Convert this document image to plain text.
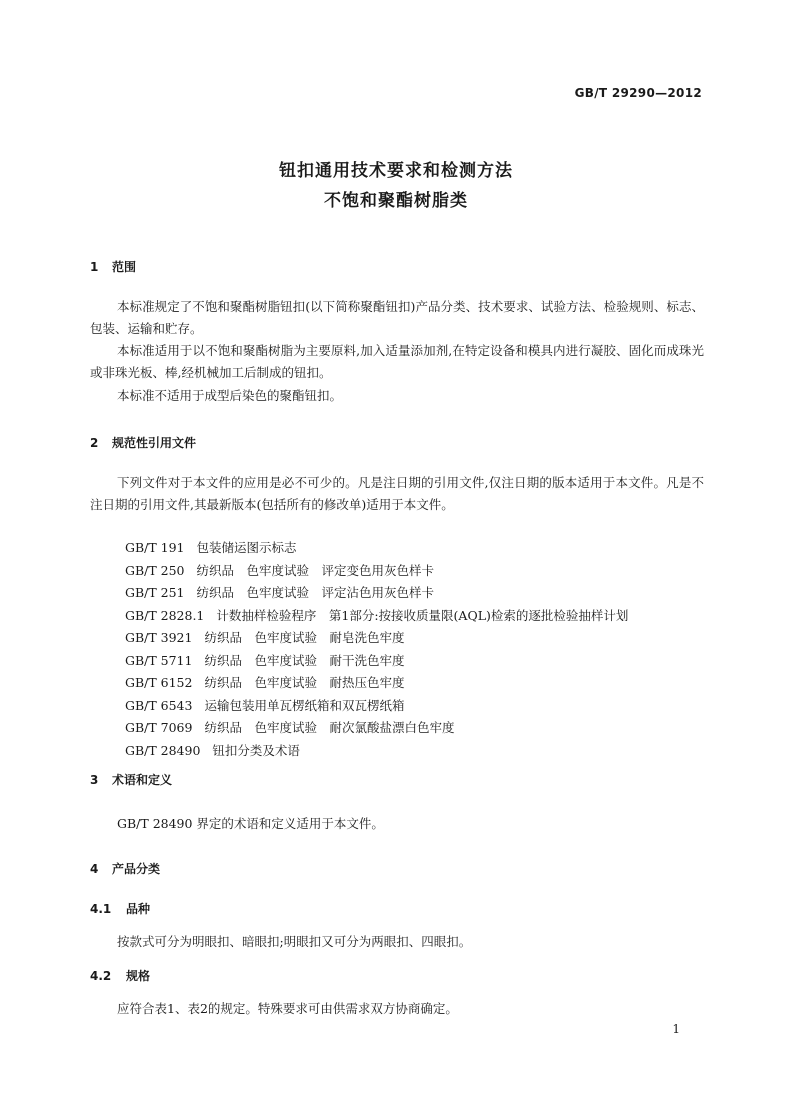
GB/T 29290—2012
钮扣通用技术要求和检测方法
不饱和聚酯树脂类
1 范围
本标准规定了不饱和聚酯树脂钮扣(以下简称聚酯钮扣)产品分类、技术要求、试验方法、检验规则、标志、包装、运输和贮存。
本标准适用于以不饱和聚酯树脂为主要原料,加入适量添加剂,在特定设备和模具内进行凝胶、固化而成珠光或非珠光板、棒,经机械加工后制成的钮扣。
本标准不适用于成型后染色的聚酯钮扣。
2 规范性引用文件
下列文件对于本文件的应用是必不可少的。凡是注日期的引用文件,仅注日期的版本适用于本文件。凡是不注日期的引用文件,其最新版本(包括所有的修改单)适用于本文件。

GB/T 191 包装储运图示标志

GB/T 250 纺织品　色牢度试验　评定变色用灰色样卡

GB/T 251 纺织品　色牢度试验　评定沾色用灰色样卡

GB/T 2828.1 计数抽样检验程序　第1部分:按接收质量限(AQL)检索的逐批检验抽样计划

GB/T 3921 纺织品　色牢度试验　耐皂洗色牢度

GB/T 5711 纺织品　色牢度试验　耐干洗色牢度

GB/T 6152 纺织品　色牢度试验　耐热压色牢度

GB/T 6543 运输包装用单瓦楞纸箱和双瓦楞纸箱

GB/T 7069 纺织品　色牢度试验　耐次氯酸盐漂白色牢度

GB/T 28490 钮扣分类及术语

3 术语和定义
GB/T 28490 界定的术语和定义适用于本文件。
4 产品分类
4.1 品种
按款式可分为明眼扣、暗眼扣;明眼扣又可分为两眼扣、四眼扣。
4.2 规格
应符合表1、表2的规定。特殊要求可由供需求双方协商确定。
1
